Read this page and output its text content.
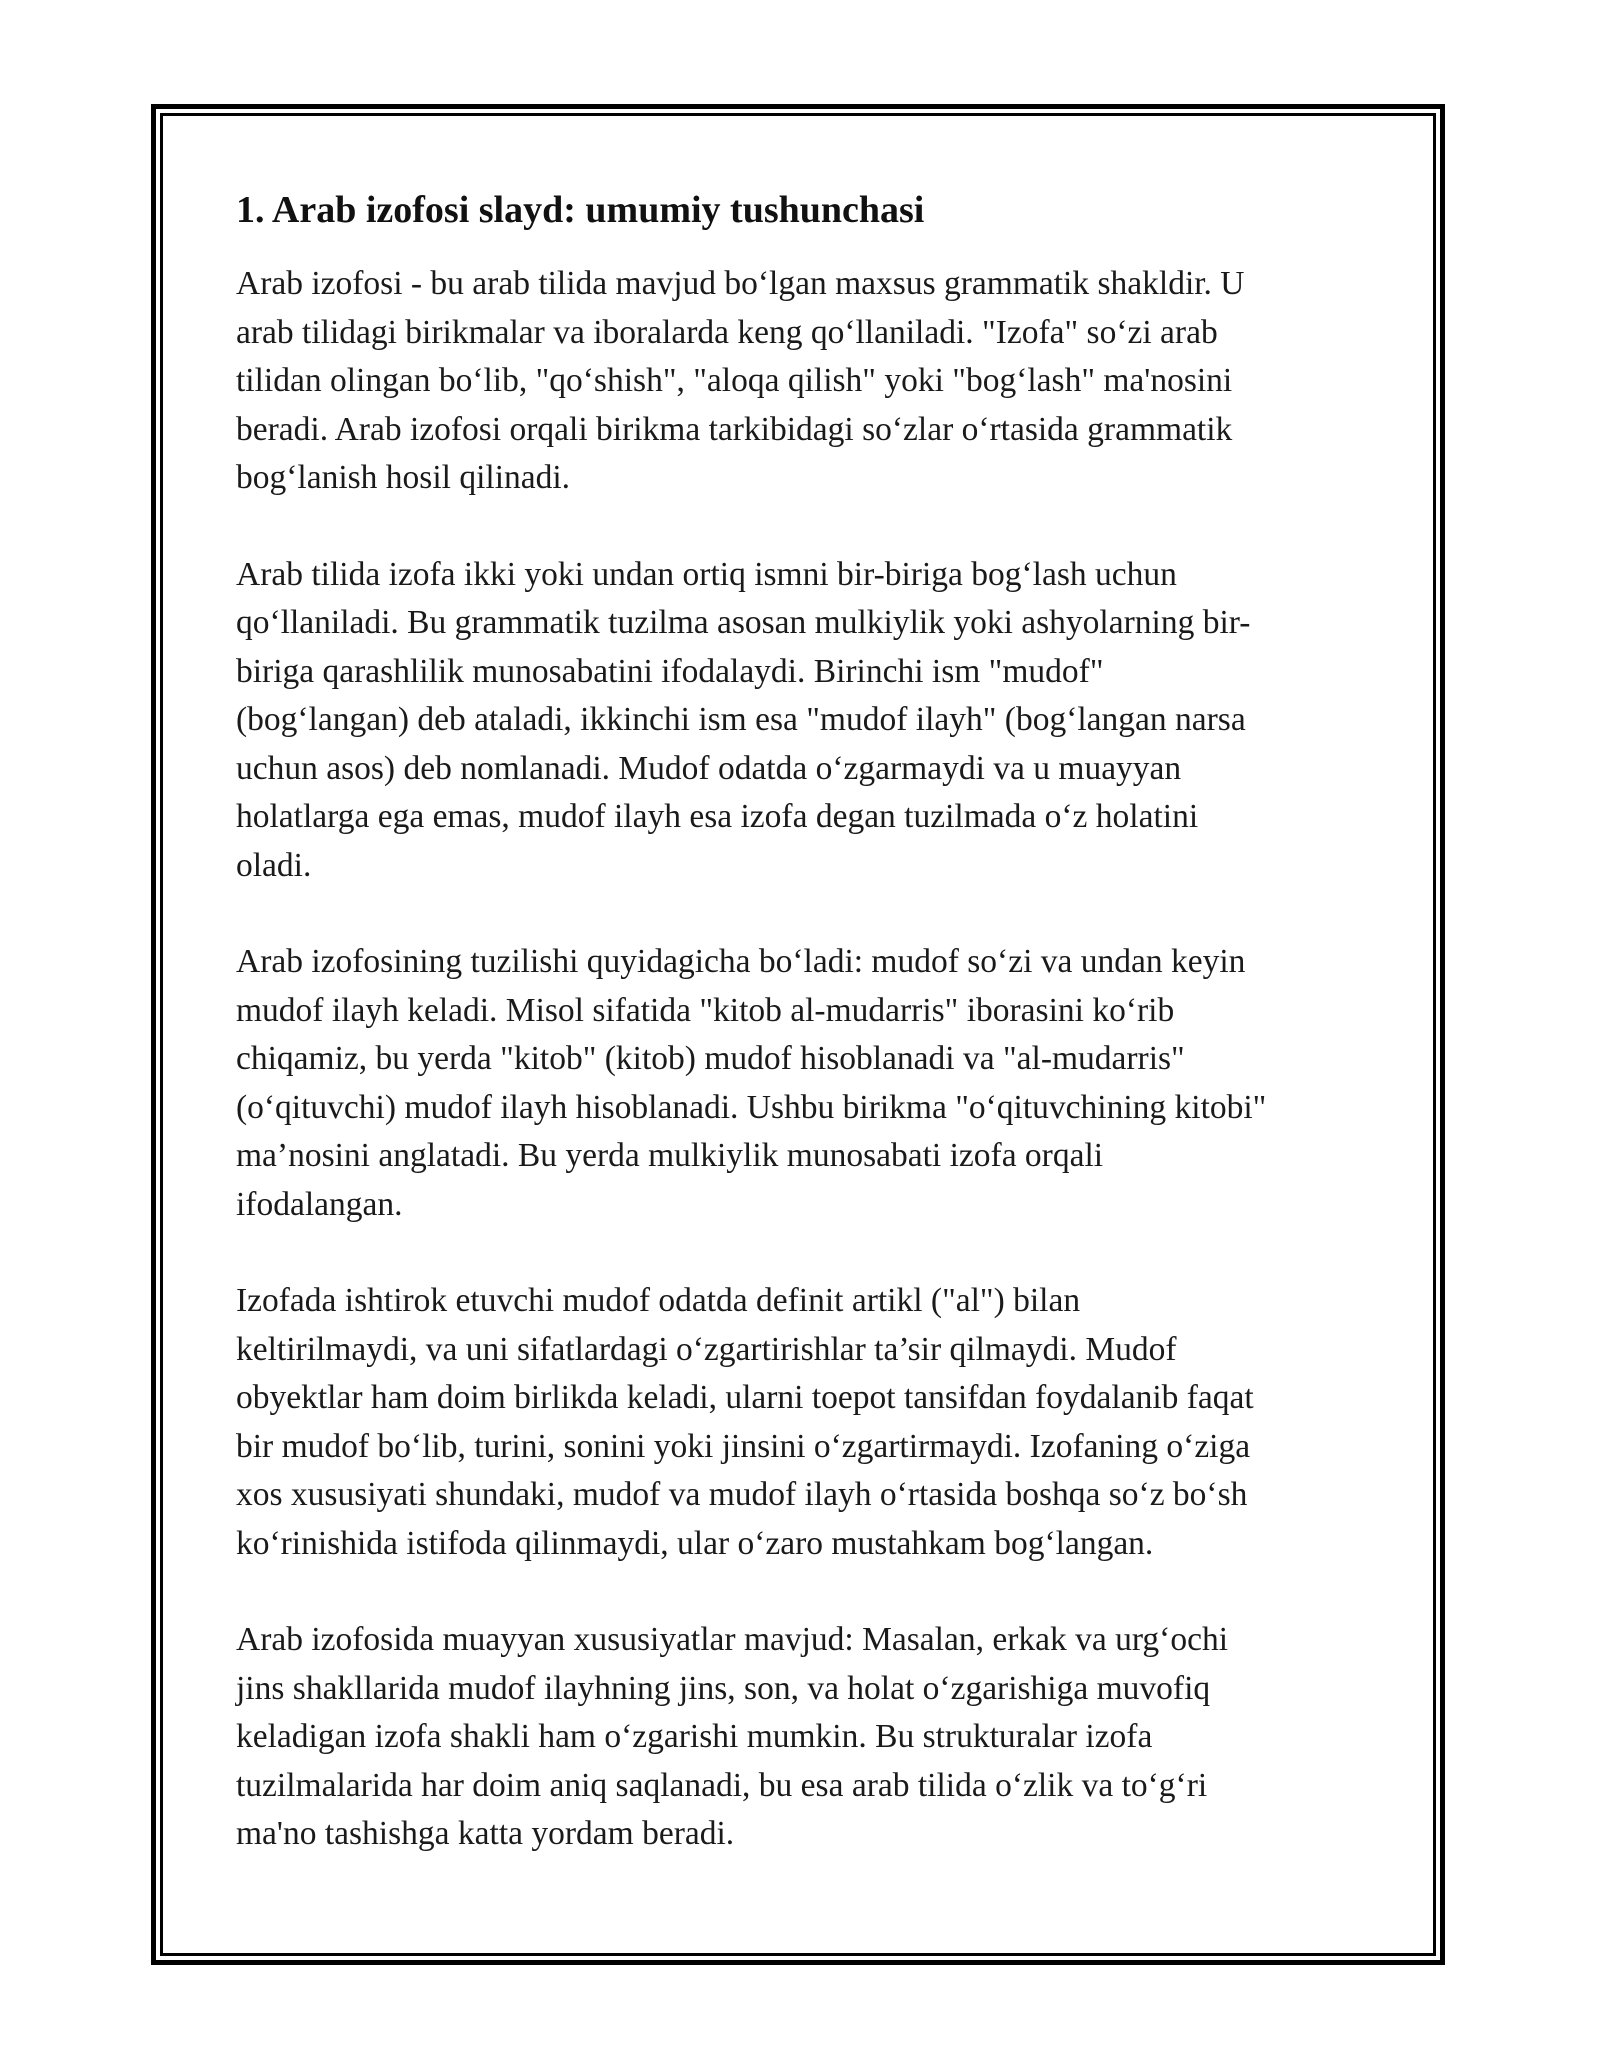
1. Arab izofosi slayd: umumiy tushunchasi

Arab izofosi - bu arab tilida mavjud boʻlgan maxsus grammatik shakldir. U
arab tilidagi birikmalar va iboralarda keng qoʻllaniladi. "Izofa" soʻzi arab
tilidan olingan boʻlib, "qoʻshish", "aloqa qilish" yoki "bogʻlash" ma'nosini
beradi. Arab izofosi orqali birikma tarkibidagi soʻzlar oʻrtasida grammatik
bogʻlanish hosil qilinadi.

Arab tilida izofa ikki yoki undan ortiq ismni bir-biriga bogʻlash uchun
qoʻllaniladi. Bu grammatik tuzilma asosan mulkiylik yoki ashyolarning bir-
biriga qarashlilik munosabatini ifodalaydi. Birinchi ism "mudof"
(bogʻlangan) deb ataladi, ikkinchi ism esa "mudof ilayh" (bogʻlangan narsa
uchun asos) deb nomlanadi. Mudof odatda oʻzgarmaydi va u muayyan
holatlarga ega emas, mudof ilayh esa izofa degan tuzilmada oʻz holatini
oladi.

Arab izofosining tuzilishi quyidagicha boʻladi: mudof soʻzi va undan keyin
mudof ilayh keladi. Misol sifatida "kitob al-mudarris" iborasini koʻrib
chiqamiz, bu yerda "kitob" (kitob) mudof hisoblanadi va "al-mudarris"
(oʻqituvchi) mudof ilayh hisoblanadi. Ushbu birikma "oʻqituvchining kitobi"
ma’nosini anglatadi. Bu yerda mulkiylik munosabati izofa orqali
ifodalangan.

Izofada ishtirok etuvchi mudof odatda definit artikl ("al") bilan
keltirilmaydi, va uni sifatlardagi oʻzgartirishlar ta’sir qilmaydi. Mudof
obyektlar ham doim birlikda keladi, ularni toepot tansifdan foydalanib faqat
bir mudof boʻlib, turini, sonini yoki jinsini oʻzgartirmaydi. Izofaning oʻziga
xos xususiyati shundaki, mudof va mudof ilayh oʻrtasida boshqa soʻz boʻsh
koʻrinishida istifoda qilinmaydi, ular oʻzaro mustahkam bogʻlangan.

Arab izofosida muayyan xususiyatlar mavjud: Masalan, erkak va urgʻochi
jins shakllarida mudof ilayhning jins, son, va holat oʻzgarishiga muvofiq
keladigan izofa shakli ham oʻzgarishi mumkin. Bu strukturalar izofa
tuzilmalarida har doim aniq saqlanadi, bu esa arab tilida oʻzlik va toʻgʻri
ma'no tashishga katta yordam beradi.
